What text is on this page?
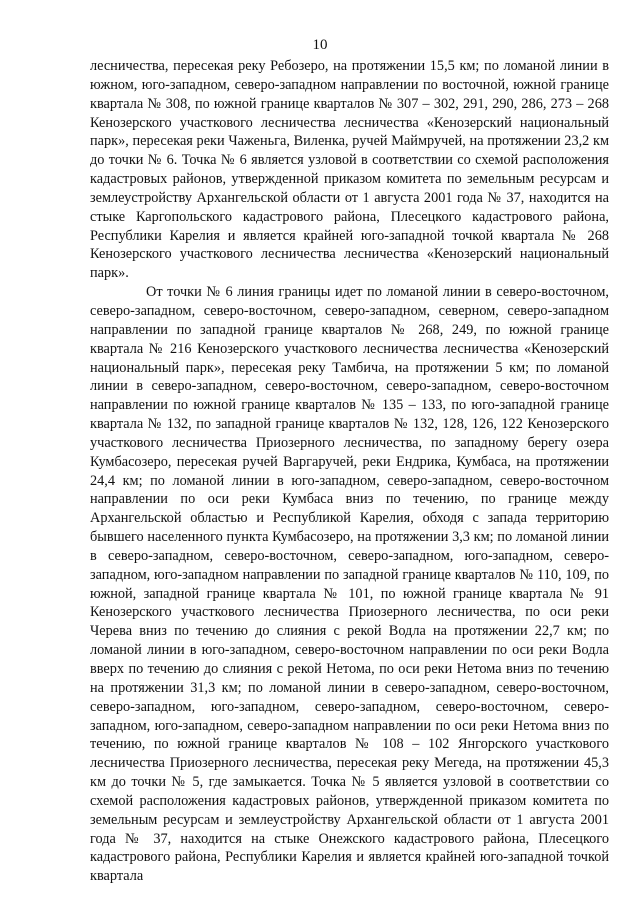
10

лесничества, пересекая реку Ребозеро, на протяжении 15,5 км; по ломаной линии в южном, юго-западном, северо-западном направлении по восточной, южной границе квартала № 308, по южной границе кварталов № 307 – 302, 291, 290, 286, 273 – 268 Кенозерского участкового лесничества лесничества «Кенозерский национальный парк», пересекая реки Чаженьга, Виленка, ручей Маймручей, на протяжении 23,2 км до точки № 6. Точка № 6 является узловой в соответствии со схемой расположения кадастровых районов, утвержденной приказом комитета по земельным ресурсам и землеустройству Архангельской области от 1 августа 2001 года № 37, находится на стыке Каргопольского кадастрового района, Плесецкого кадастрового района, Республики Карелия и является крайней юго-западной точкой квартала № 268 Кенозерского участкового лесничества лесничества «Кенозерский национальный парк».

От точки № 6 линия границы идет по ломаной линии в северо-восточном, северо-западном, северо-восточном, северо-западном, северном, северо-западном направлении по западной границе кварталов № 268, 249, по южной границе квартала № 216 Кенозерского участкового лесничества лесничества «Кенозерский национальный парк», пересекая реку Тамбича, на протяжении 5 км; по ломаной линии в северо-западном, северо-восточном, северо-западном, северо-восточном направлении по южной границе кварталов № 135 – 133, по юго-западной границе квартала № 132, по западной границе кварталов № 132, 128, 126, 122 Кенозерского участкового лесничества Приозерного лесничества, по западному берегу озера Кумбасозеро, пересекая ручей Варгаручей, реки Ендрика, Кумбаса, на протяжении 24,4 км; по ломаной линии в юго-западном, северо-западном, северо-восточном направлении по оси реки Кумбаса вниз по течению, по границе между Архангельской областью и Республикой Карелия, обходя с запада территорию бывшего населенного пункта Кумбасозеро, на протяжении 3,3 км; по ломаной линии в северо-западном, северо-восточном, северо-западном, юго-западном, северо-западном, юго-западном направлении по западной границе кварталов № 110, 109, по южной, западной границе квартала № 101, по южной границе квартала № 91 Кенозерского участкового лесничества Приозерного лесничества, по оси реки Черева вниз по течению до слияния с рекой Водла на протяжении 22,7 км; по ломаной линии в юго-западном, северо-восточном направлении по оси реки Водла вверх по течению до слияния с рекой Нетома, по оси реки Нетома вниз по течению на протяжении 31,3 км; по ломаной линии в северо-западном, северо-восточном, северо-западном, юго-западном, северо-западном, северо-восточном, северо-западном, юго-западном, северо-западном направлении по оси реки Нетома вниз по течению, по южной границе кварталов № 108 – 102 Янгорского участкового лесничества Приозерного лесничества, пересекая реку Мегеда, на протяжении 45,3 км до точки № 5, где замыкается. Точка № 5 является узловой в соответствии со схемой расположения кадастровых районов, утвержденной приказом комитета по земельным ресурсам и землеустройству Архангельской области от 1 августа 2001 года № 37, находится на стыке Онежского кадастрового района, Плесецкого кадастрового района, Республики Карелия и является крайней юго-западной точкой квартала
